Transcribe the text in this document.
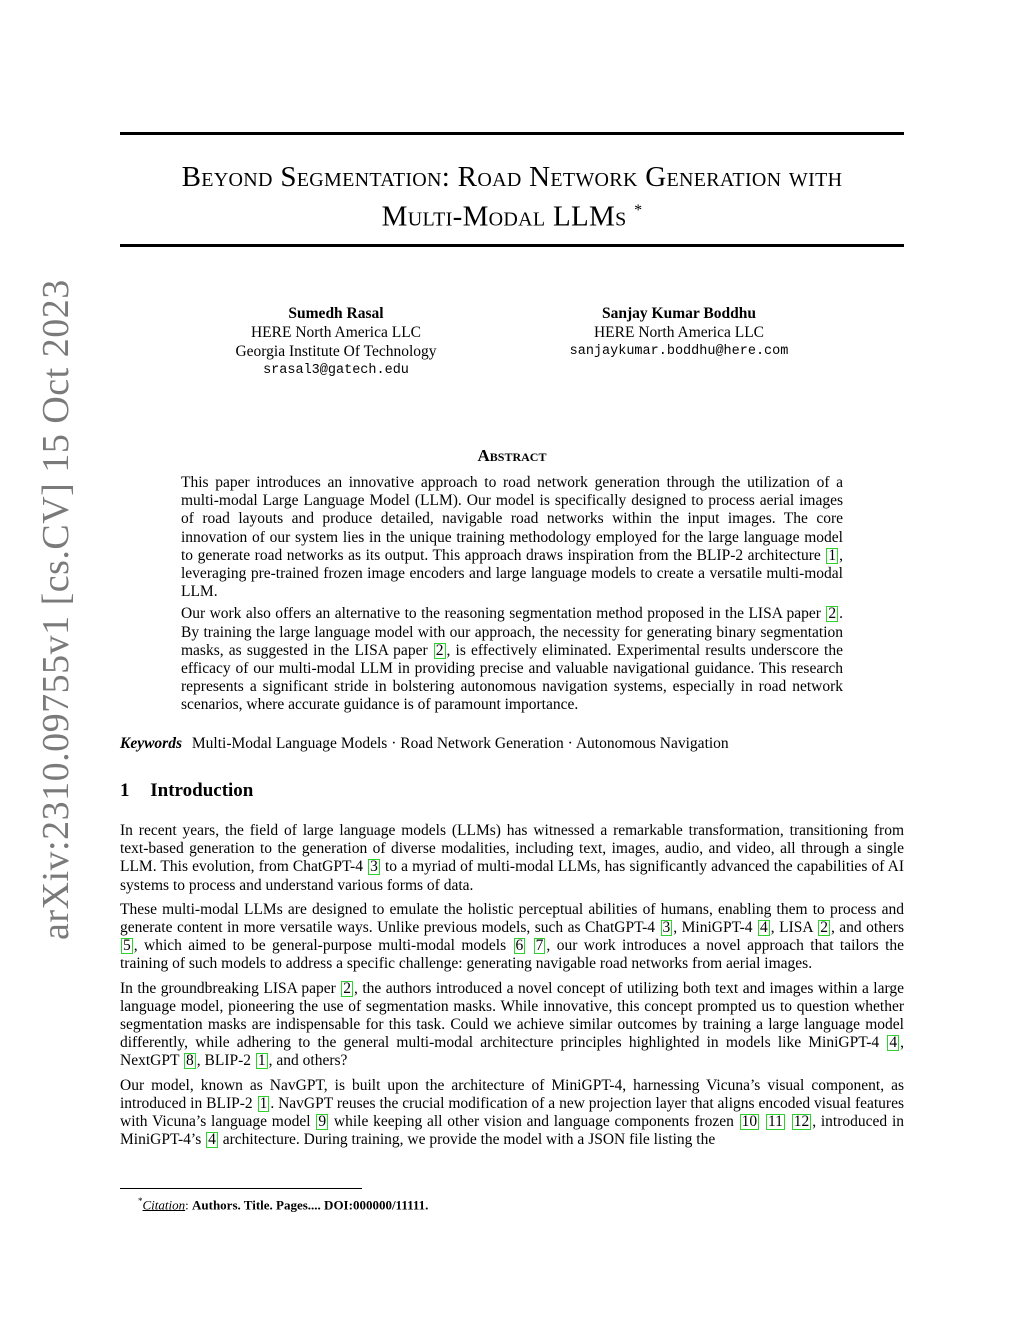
arXiv:2310.09755v1 [cs.CV] 15 Oct 2023
Beyond Segmentation: Road Network Generation with
Multi-Modal LLMs *
Sumedh Rasal
HERE North America LLC
Georgia Institute Of Technology
srasal3@gatech.edu
Sanjay Kumar Boddhu
HERE North America LLC
sanjaykumar.boddhu@here.com
Abstract

This paper introduces an innovative approach to road network generation through the utilization of a multi-modal Large Language Model (LLM). Our model is specifically designed to process aerial images of road layouts and produce detailed, navigable road networks within the input images. The core innovation of our system lies in the unique training methodology employed for the large language model to generate road networks as its output. This approach draws inspiration from the BLIP-2 architecture 1 , leveraging pre-trained frozen image encoders and large language models to create a versatile multi-modal LLM.

Our work also offers an alternative to the reasoning segmentation method proposed in the LISA paper 2 . By training the large language model with our approach, the necessity for generating binary segmentation masks, as suggested in the LISA paper 2 , is effectively eliminated. Experimental results underscore the efficacy of our multi-modal LLM in providing precise and valuable navigational guidance. This research represents a significant stride in bolstering autonomous navigation systems, especially in road network scenarios, where accurate guidance is of paramount importance.

Keywords Multi-Modal Language Models · Road Network Generation · Autonomous Navigation
1 Introduction

In recent years, the field of large language models (LLMs) has witnessed a remarkable transformation, transitioning from text-based generation to the generation of diverse modalities, including text, images, audio, and video, all through a single LLM. This evolution, from ChatGPT-4 3 to a myriad of multi-modal LLMs, has significantly advanced the capabilities of AI systems to process and understand various forms of data.

These multi-modal LLMs are designed to emulate the holistic perceptual abilities of humans, enabling them to process and generate content in more versatile ways. Unlike previous models, such as ChatGPT-4 3 , MiniGPT-4 4 , LISA 2 , and others 5 , which aimed to be general-purpose multi-modal models 6 7 , our work introduces a novel approach that tailors the training of such models to address a specific challenge: generating navigable road networks from aerial images.

In the groundbreaking LISA paper 2 , the authors introduced a novel concept of utilizing both text and images within a large language model, pioneering the use of segmentation masks. While innovative, this concept prompted us to question whether segmentation masks are indispensable for this task. Could we achieve similar outcomes by training a large language model differently, while adhering to the general multi-modal architecture principles highlighted in models like MiniGPT-4 4 , NextGPT 8 , BLIP-2 1 , and others?

Our model, known as NavGPT, is built upon the architecture of MiniGPT-4, harnessing Vicuna’s visual component, as introduced in BLIP-2 1 . NavGPT reuses the crucial modification of a new projection layer that aligns encoded visual features with Vicuna’s language model 9 while keeping all other vision and language components frozen 10 11 12 , introduced in MiniGPT-4’s 4 architecture. During training, we provide the model with a JSON file listing the

*Citation: Authors. Title. Pages.... DOI:000000/11111.
